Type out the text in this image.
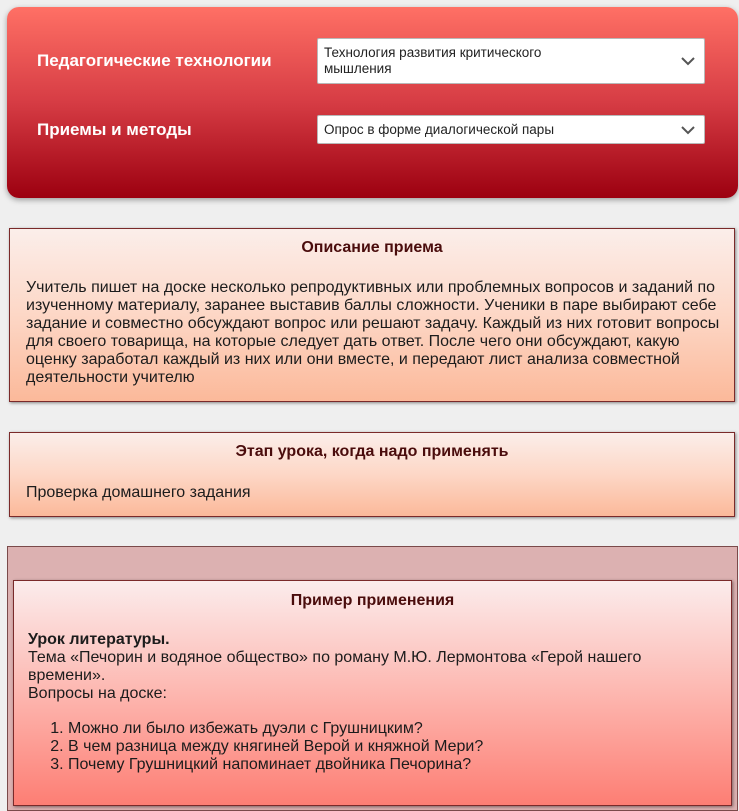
Педагогические технологии	Технология развития критического
мышления
Приемы и методы	Опрос в форме диалогической пары
Описание приема
Учитель пишет на доске несколько репродуктивных или проблемных вопросов и заданий по изученному материалу, заранее выставив баллы сложности. Ученики в паре выбирают себе задание и совместно обсуждают вопрос или решают задачу. Каждый из них готовит вопросы для своего товарища, на которые следует дать ответ. После чего они обсуждают, какую оценку заработал каждый из них или они вместе, и передают лист анализа совместной деятельности учителю
Этап урока, когда надо применять
Проверка домашнего задания
Пример применения
Урок литературы.
Тема «Печорин и водяное общество» по роману М.Ю. Лермонтова «Герой нашего времени».
Вопросы на доске:
1. Можно ли было избежать дуэли с Грушницким?
2. В чем разница между княгиней Верой и княжной Мери?
3. Почему Грушницкий напоминает двойника Печорина?
